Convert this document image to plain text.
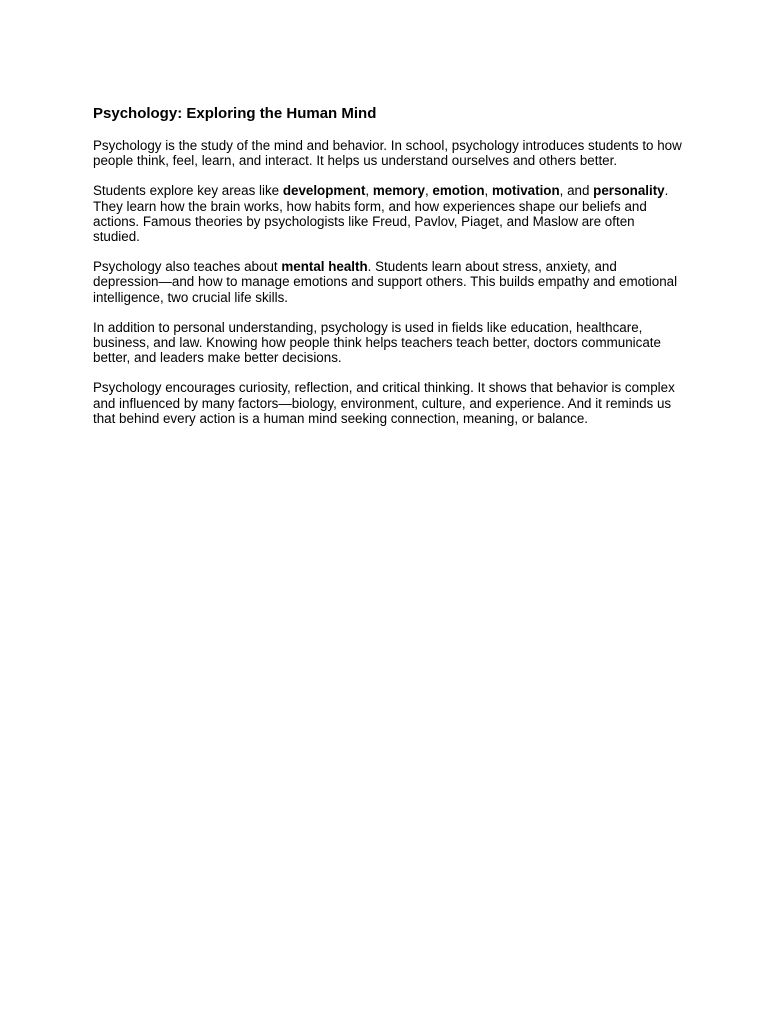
Psychology: Exploring the Human Mind

Psychology is the study of the mind and behavior. In school, psychology introduces students to how people think, feel, learn, and interact. It helps us understand ourselves and others better.

Students explore key areas like development, memory, emotion, motivation, and personality. They learn how the brain works, how habits form, and how experiences shape our beliefs and actions. Famous theories by psychologists like Freud, Pavlov, Piaget, and Maslow are often studied.

Psychology also teaches about mental health. Students learn about stress, anxiety, and depression—and how to manage emotions and support others. This builds empathy and emotional intelligence, two crucial life skills.

In addition to personal understanding, psychology is used in fields like education, healthcare, business, and law. Knowing how people think helps teachers teach better, doctors communicate better, and leaders make better decisions.

Psychology encourages curiosity, reflection, and critical thinking. It shows that behavior is complex and influenced by many factors—biology, environment, culture, and experience. And it reminds us that behind every action is a human mind seeking connection, meaning, or balance.
